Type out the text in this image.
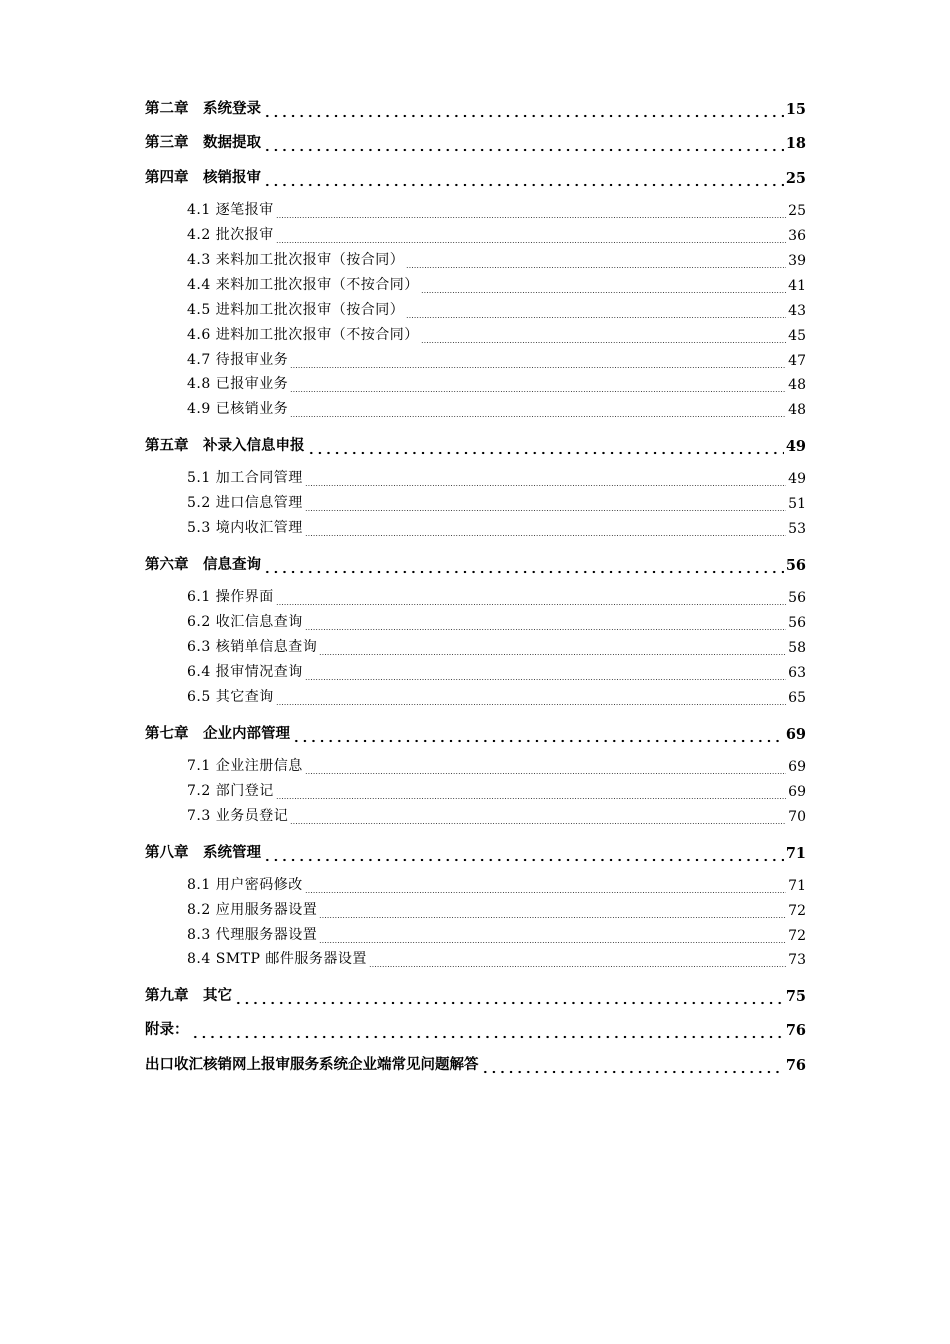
第二章　系统登录	15
第三章　数据提取	18
第四章　核销报审	25
4.1 逐笔报审	25
4.2 批次报审	36
4.3 来料加工批次报审（按合同）	39
4.4 来料加工批次报审（不按合同）	41
4.5 进料加工批次报审（按合同）	43
4.6 进料加工批次报审（不按合同）	45
4.7 待报审业务	47
4.8 已报审业务	48
4.9 已核销业务	48
第五章　补录入信息申报	49
5.1 加工合同管理	49
5.2 进口信息管理	51
5.3 境内收汇管理	53
第六章　信息查询	56
6.1 操作界面	56
6.2 收汇信息查询	56
6.3 核销单信息查询	58
6.4 报审情况查询	63
6.5 其它查询	65
第七章　企业内部管理	69
7.1 企业注册信息	69
7.2 部门登记	69
7.3 业务员登记	70
第八章　系统管理	71
8.1 用户密码修改	71
8.2 应用服务器设置	72
8.3 代理服务器设置	72
8.4 SMTP 邮件服务器设置	73
第九章　其它	75
附录：	76
出口收汇核销网上报审服务系统企业端常见问题解答	76
